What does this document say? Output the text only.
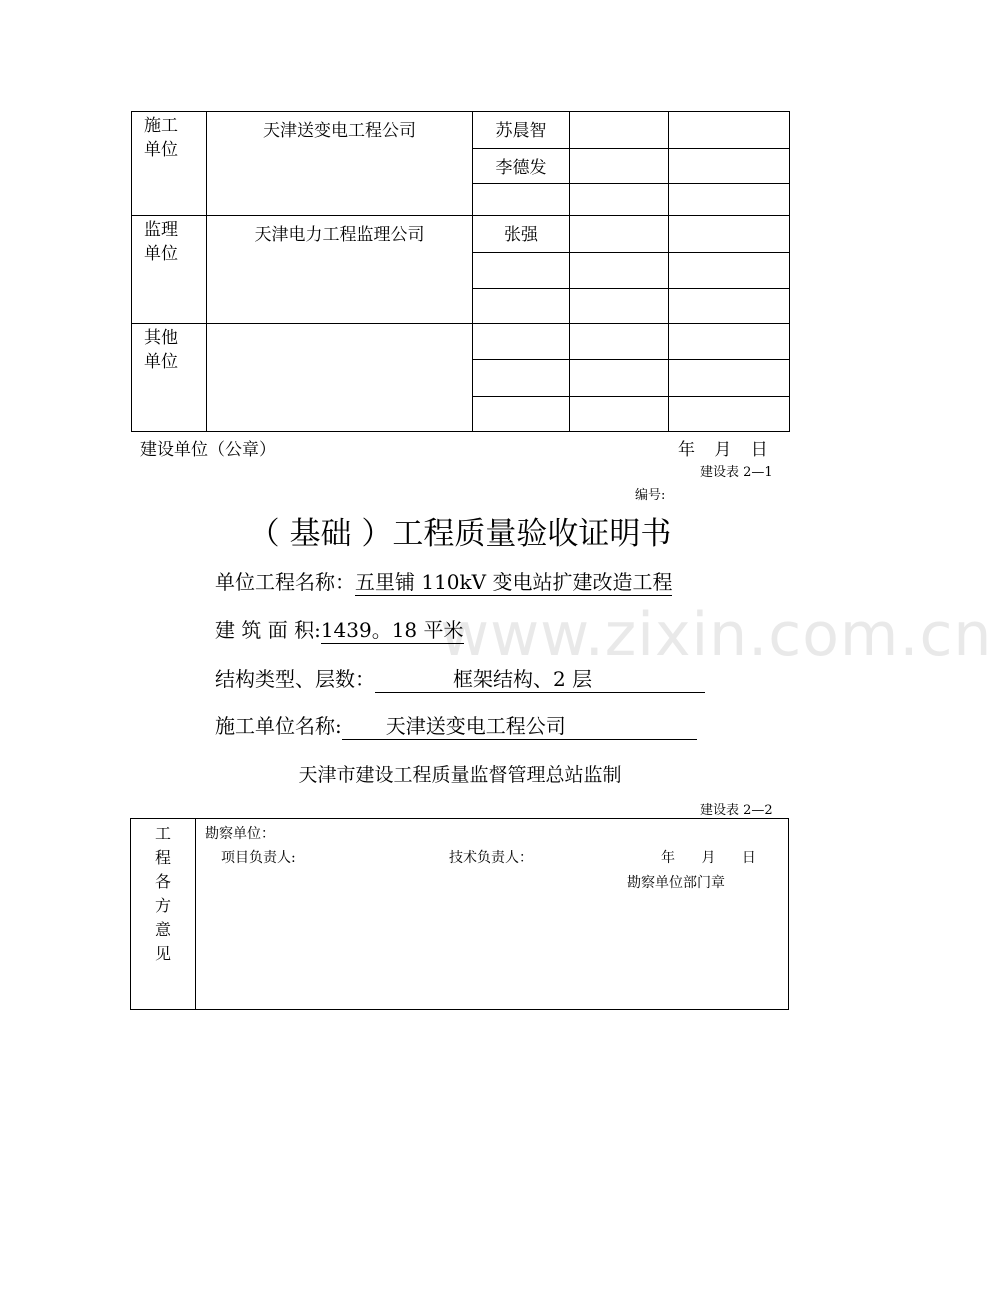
www.zixin.com.cn
施工
单位	天津送变电工程公司	苏晨智		
		李德发		

监理
单位	天津电力工程监理公司	张强		

其他
单位				

建设单位（公章）	年 月 日
建设表 2—1
编号:
（ 基础 ）工程质量验收证明书
单位工程名称：五里铺 110kV 变电站扩建改造工程
建 筑 面 积:1439。18 平米
结构类型、层数：	框架结构、2 层
施工单位名称: 天津送变电工程公司
天津市建设工程质量监督管理总站监制
建设表 2—2
工
程
各
方
意
见
勘察单位：
项目负责人:	技术负责人：	年 月 日
勘察单位部门章
